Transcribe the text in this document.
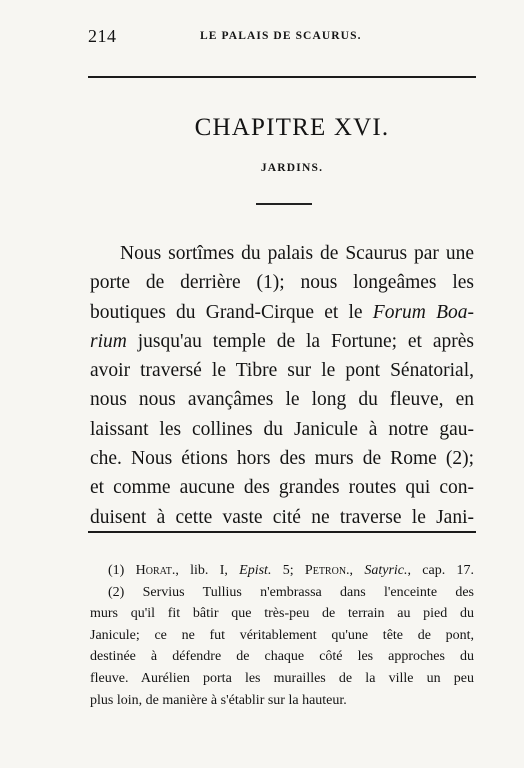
214	LE PALAIS DE SCAURUS.
CHAPITRE XVI.
JARDINS.
Nous sortîmes du palais de Scaurus par une
porte de derrière (1); nous longeâmes les
boutiques du Grand-Cirque et le Forum Boa-
rium jusqu'au temple de la Fortune; et après
avoir traversé le Tibre sur le pont Sénatorial,
nous nous avançâmes le long du fleuve, en
laissant les collines du Janicule à notre gau-
che. Nous étions hors des murs de Rome (2);
et comme aucune des grandes routes qui con-
duisent à cette vaste cité ne traverse le Jani-
(1) Horat., lib. I, Epist. 5; Petron., Satyric., cap. 17.
(2) Servius Tullius n'embrassa dans l'enceinte des
murs qu'il fit bâtir que très-peu de terrain au pied du
Janicule; ce ne fut véritablement qu'une tête de pont,
destinée à défendre de chaque côté les approches du
fleuve. Aurélien porta les murailles de la ville un peu
plus loin, de manière à s'établir sur la hauteur.
